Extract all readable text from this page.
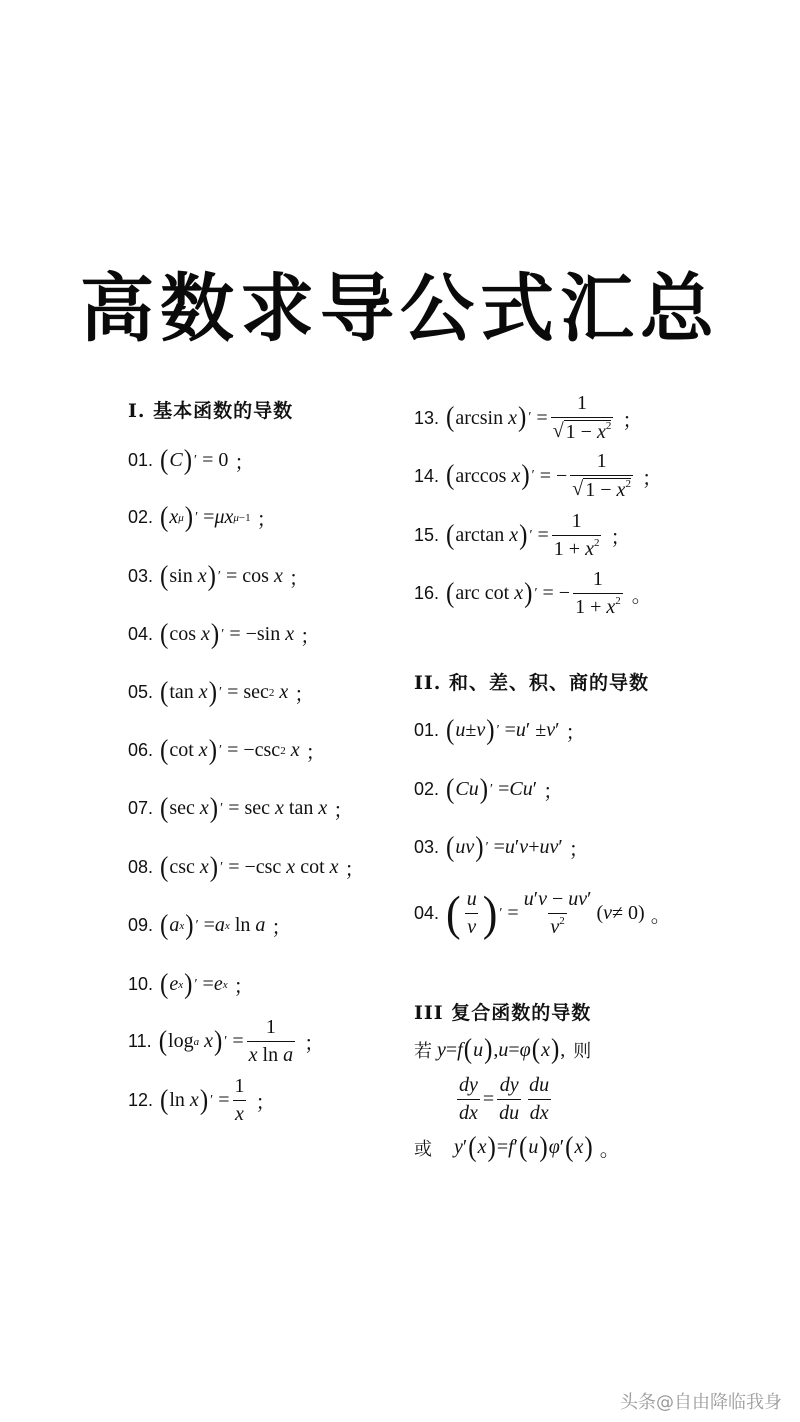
高数求导公式汇总
I. 基本函数的导数
01. ( C ) ′ = 0 ；
02. ( x μ ) ′ = μx μ−1 ；
03. ( sin x ) ′ = cos x ；
04. ( cos x ) ′ = −sin x ；
05. ( tan x ) ′ = sec 2
x ；
06. ( cot x ) ′ = −csc 2
x ；
07. ( sec x ) ′ = sec x tan x ；
08. ( csc x ) ′ = −csc x cot x ；
09. ( a x ) ′ = a x ln a ；
10. ( e x ) ′ = e x ；
11. ( log a
x ) ′ = $\frac{1}{\text{x ln a}}$ ；
12. ( ln x ) ′ = $\frac{1}{x}$ ；
13. ( arcsin x ) ′ = $\frac{1}{√ 1 - x^2}$ ；
14. ( arccos x ) ′ = − $\frac{1}{√ 1 - x^2}$ ；
15. ( arctan x ) ′ = $\frac{1}{1 + x^2}$ ；
16. ( arc cot x ) ′ = − $\frac{1}{1 + x^2}$ 。
II. 和、差、积、商的导数
01. ( u ± v ) ′ = u ′ ± v ′ ；
02. ( Cu ) ′ = Cu ′ ；
03. ( uv ) ′ = u ′ v + uv ′ ；
04. ( $\frac{u}{v}$ ) ′ = $\frac{u'v - uv'}{v^2}$ ( v ≠ 0) 。
III 复合函数的导数
若
y = f ( u ) , u = φ ( x ) , 则
$\frac{dy}{dx} = \frac{dy}{du} \frac{du}{dx}$
或 y ′ ( x ) = f ′ ( u ) φ ′ ( x ) 。
头条@自由降临我身
